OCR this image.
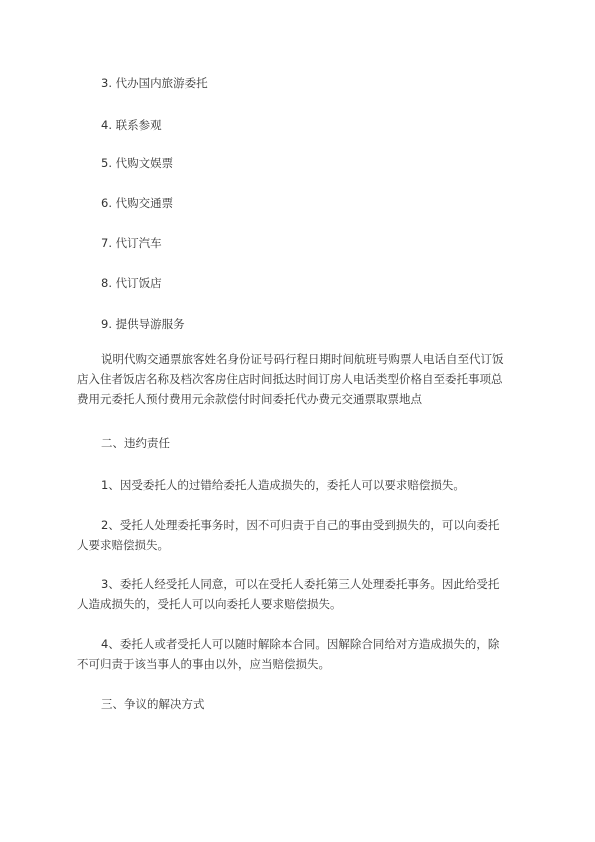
3. 代办国内旅游委托
4. 联系参观
5. 代购文娱票
6. 代购交通票
7. 代订汽车
8. 代订饭店
9. 提供导游服务
说明代购交通票旅客姓名身份证号码行程日期时间航班号购票人电话自至代订饭
店入住者饭店名称及档次客房住店时间抵达时间订房人电话类型价格自至委托事项总
费用元委托人预付费用元余款偿付时间委托代办费元交通票取票地点
二、违约责任
1、因受委托人的过错给委托人造成损失的，委托人可以要求赔偿损失。
2、受托人处理委托事务时，因不可归责于自己的事由受到损失的，可以向委托
人要求赔偿损失。
3、委托人经受托人同意，可以在受托人委托第三人处理委托事务。因此给受托
人造成损失的，受托人可以向委托人要求赔偿损失。
4、委托人或者受托人可以随时解除本合同。因解除合同给对方造成损失的，除
不可归责于该当事人的事由以外，应当赔偿损失。
三、争议的解决方式
